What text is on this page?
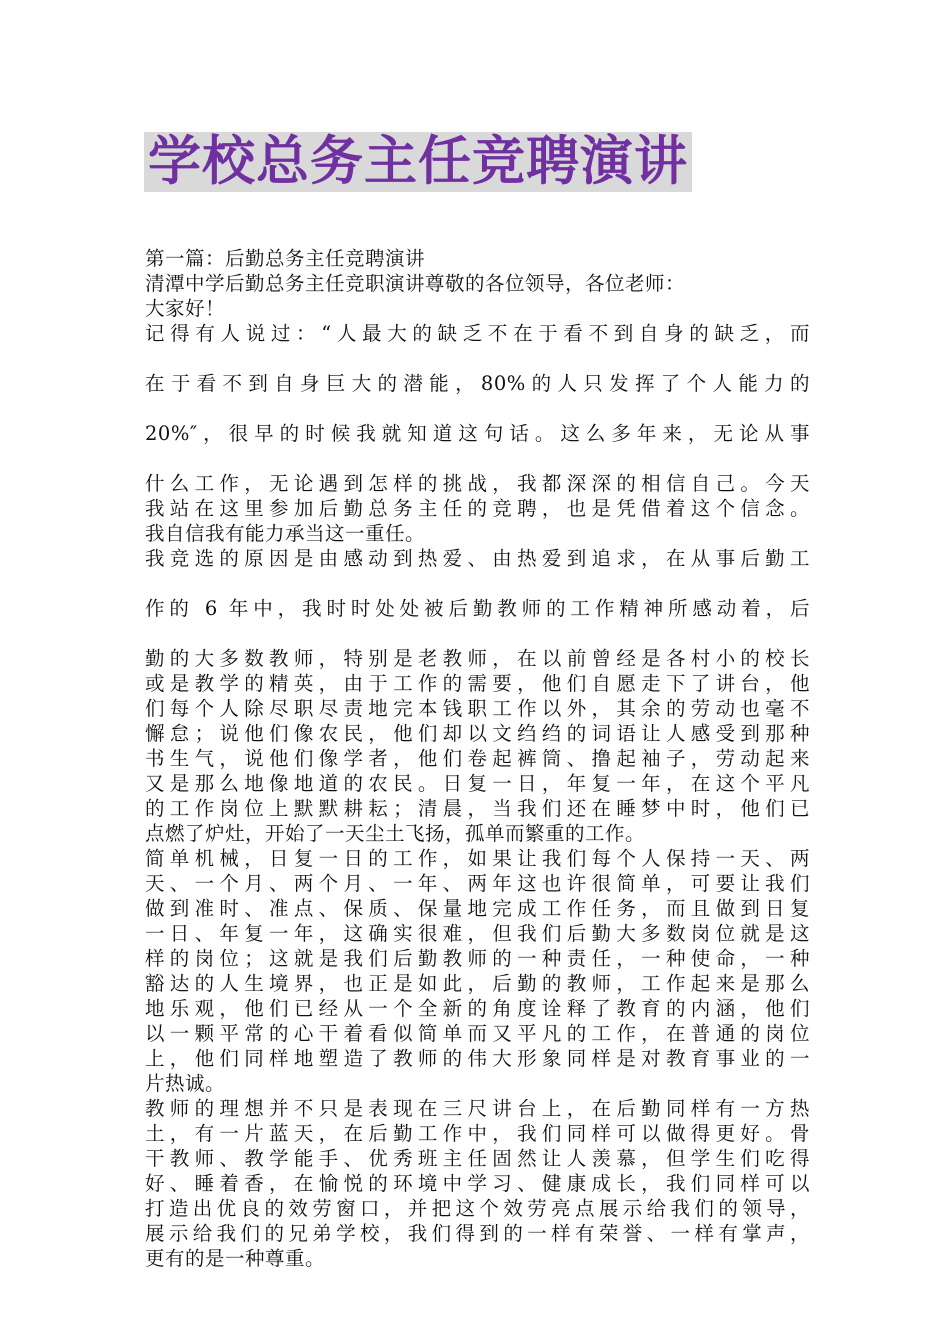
学校总务主任竞聘演讲
第一篇：后勤总务主任竞聘演讲
清潭中学后勤总务主任竞职演讲尊敬的各位领导，各位老师：
大家好！
记得有人说过：“人最大的缺乏不在于看不到自身的缺乏，而
在于看不到自身巨大的潜能，80%的人只发挥了个人能力的
20%″，很早的时候我就知道这句话。这么多年来，无论从事
什么工作，无论遇到怎样的挑战，我都深深的相信自己。今天
我站在这里参加后勤总务主任的竞聘，也是凭借着这个信念。
我自信我有能力承当这一重任。
我竞选的原因是由感动到热爱、由热爱到追求，在从事后勤工
作的 6 年中，我时时处处被后勤教师的工作精神所感动着，后
勤的大多数教师，特别是老教师，在以前曾经是各村小的校长
或是教学的精英，由于工作的需要，他们自愿走下了讲台，他
们每个人除尽职尽责地完本钱职工作以外，其余的劳动也毫不
懈怠；说他们像农民，他们却以文绉绉的词语让人感受到那种
书生气，说他们像学者，他们卷起裤筒、撸起袖子，劳动起来
又是那么地像地道的农民。日复一日，年复一年，在这个平凡
的工作岗位上默默耕耘；清晨，当我们还在睡梦中时，他们已
点燃了炉灶，开始了一天尘土飞扬，孤单而繁重的工作。
简单机械，日复一日的工作，如果让我们每个人保持一天、两
天、一个月、两个月、一年、两年这也许很简单，可要让我们
做到准时、准点、保质、保量地完成工作任务，而且做到日复
一日、年复一年，这确实很难，但我们后勤大多数岗位就是这
样的岗位；这就是我们后勤教师的一种责任，一种使命，一种
豁达的人生境界，也正是如此，后勤的教师，工作起来是那么
地乐观，他们已经从一个全新的角度诠释了教育的内涵，他们
以一颗平常的心干着看似简单而又平凡的工作，在普通的岗位
上，他们同样地塑造了教师的伟大形象同样是对教育事业的一
片热诚。
教师的理想并不只是表现在三尺讲台上，在后勤同样有一方热
土，有一片蓝天，在后勤工作中，我们同样可以做得更好。骨
干教师、教学能手、优秀班主任固然让人羡慕，但学生们吃得
好、睡着香，在愉悦的环境中学习、健康成长，我们同样可以
打造出优良的效劳窗口，并把这个效劳亮点展示给我们的领导，
展示给我们的兄弟学校，我们得到的一样有荣誉、一样有掌声，
更有的是一种尊重。
